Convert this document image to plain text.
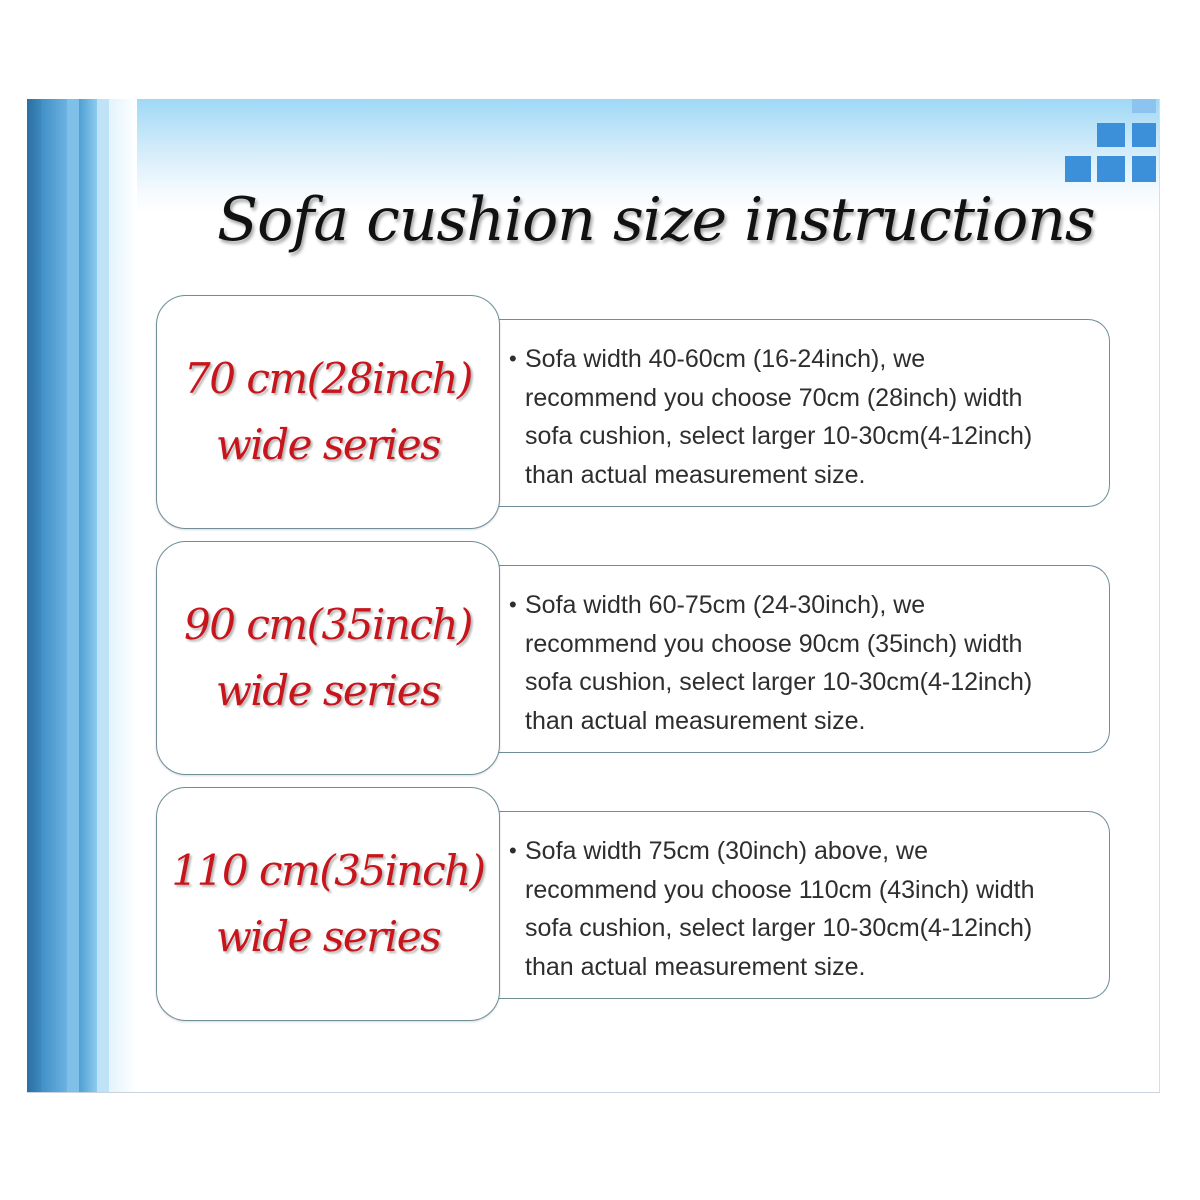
Sofa cushion size instructions
70 cm(28inch)
wide series
• Sofa width 40-60cm (16-24inch), we
recommend you choose 70cm (28inch) width
sofa cushion, select larger 10-30cm(4-12inch)
than actual measurement size.
90 cm(35inch)
wide series
• Sofa width 60-75cm (24-30inch), we
recommend you choose 90cm (35inch) width
sofa cushion, select larger 10-30cm(4-12inch)
than actual measurement size.
110 cm(35inch)
wide series
• Sofa width 75cm (30inch) above, we
recommend you choose 110cm (43inch) width
sofa cushion, select larger 10-30cm(4-12inch)
than actual measurement size.
